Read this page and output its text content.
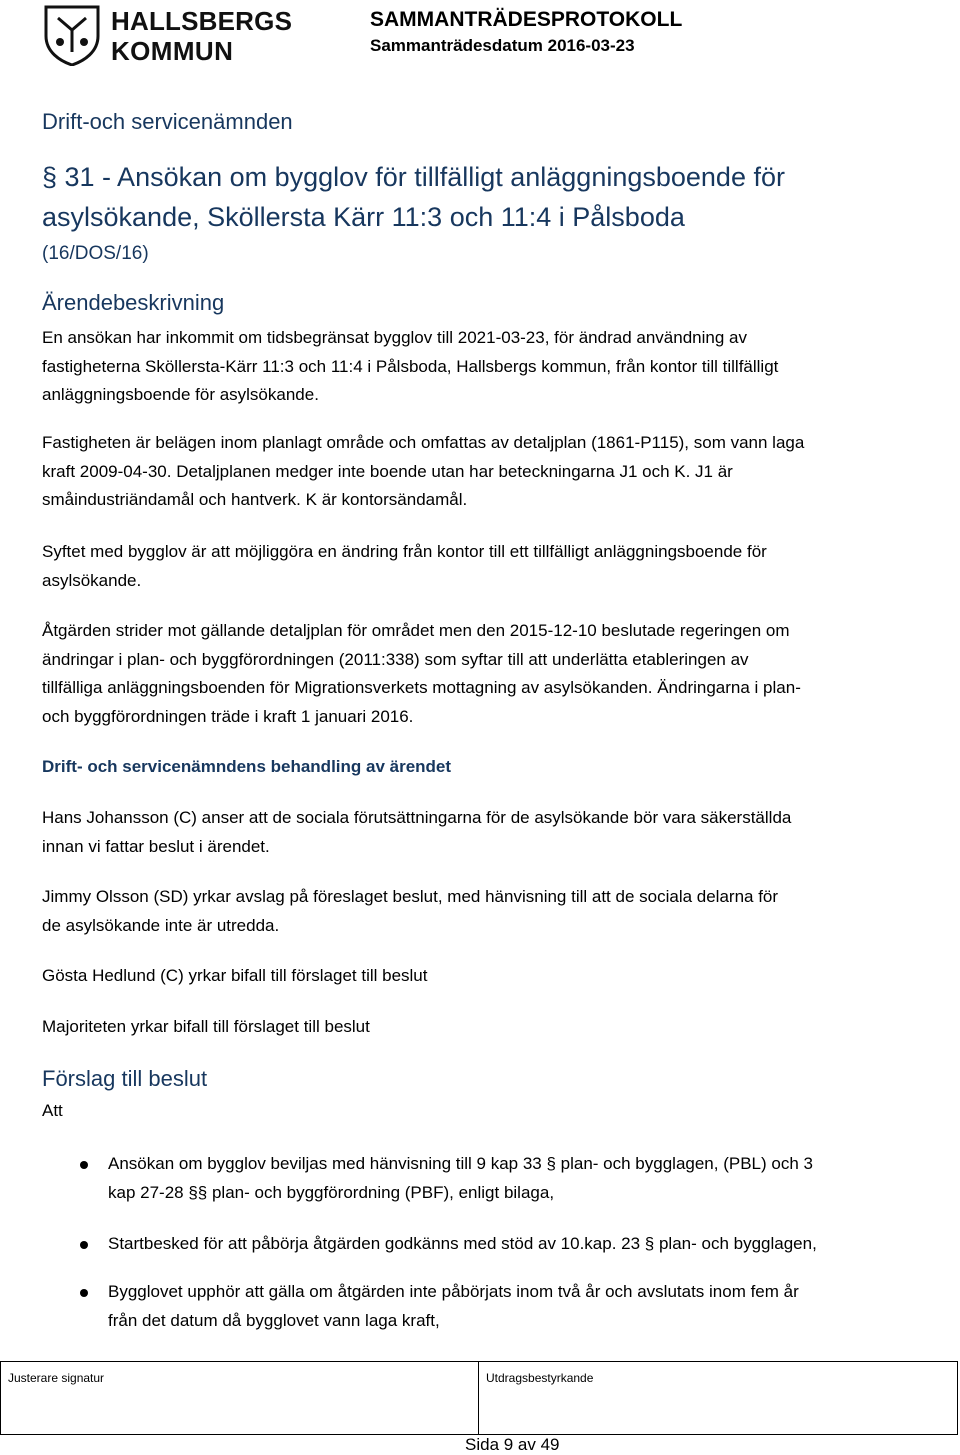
HALLSBERGS
KOMMUN
SAMMANTRÄDESPROTOKOLL
Sammanträdesdatum 2016-03-23
Drift-och servicenämnden
§ 31 - Ansökan om bygglov för tillfälligt anläggningsboende för
asylsökande, Sköllersta Kärr 11:3 och 11:4 i Pålsboda
(16/DOS/16)
Ärendebeskrivning
En ansökan har inkommit om tidsbegränsat bygglov till 2021-03-23, för ändrad användning av
fastigheterna Sköllersta-Kärr 11:3 och 11:4 i Pålsboda, Hallsbergs kommun, från kontor till tillfälligt
anläggningsboende för asylsökande.
Fastigheten är belägen inom planlagt område och omfattas av detaljplan (1861-P115), som vann laga
kraft 2009-04-30. Detaljplanen medger inte boende utan har beteckningarna J1 och K. J1 är
småindustriändamål och hantverk. K är kontorsändamål.
Syftet med bygglov är att möjliggöra en ändring från kontor till ett tillfälligt anläggningsboende för
asylsökande.
Åtgärden strider mot gällande detaljplan för området men den 2015-12-10 beslutade regeringen om
ändringar i plan- och byggförordningen (2011:338) som syftar till att underlätta etableringen av
tillfälliga anläggningsboenden för Migrationsverkets mottagning av asylsökanden. Ändringarna i plan-
och byggförordningen träde i kraft 1 januari 2016.
Drift- och servicenämndens behandling av ärendet
Hans Johansson (C) anser att de sociala förutsättningarna för de asylsökande bör vara säkerställda
innan vi fattar beslut i ärendet.
Jimmy Olsson (SD) yrkar avslag på föreslaget beslut, med hänvisning till att de sociala delarna för
de asylsökande inte är utredda.
Gösta Hedlund (C) yrkar bifall till förslaget till beslut
Majoriteten yrkar bifall till förslaget till beslut
Förslag till beslut
Att
Ansökan om bygglov beviljas med hänvisning till 9 kap 33 § plan- och bygglagen, (PBL) och 3
kap 27-28 §§ plan- och byggförordning (PBF), enligt bilaga,
Startbesked för att påbörja åtgärden godkänns med stöd av 10.kap. 23 § plan- och bygglagen,
Bygglovet upphör att gälla om åtgärden inte påbörjats inom två år och avslutats inom fem år
från det datum då bygglovet vann laga kraft,
Justerare signatur	Utdragsbestyrkande
Sida 9 av 49
